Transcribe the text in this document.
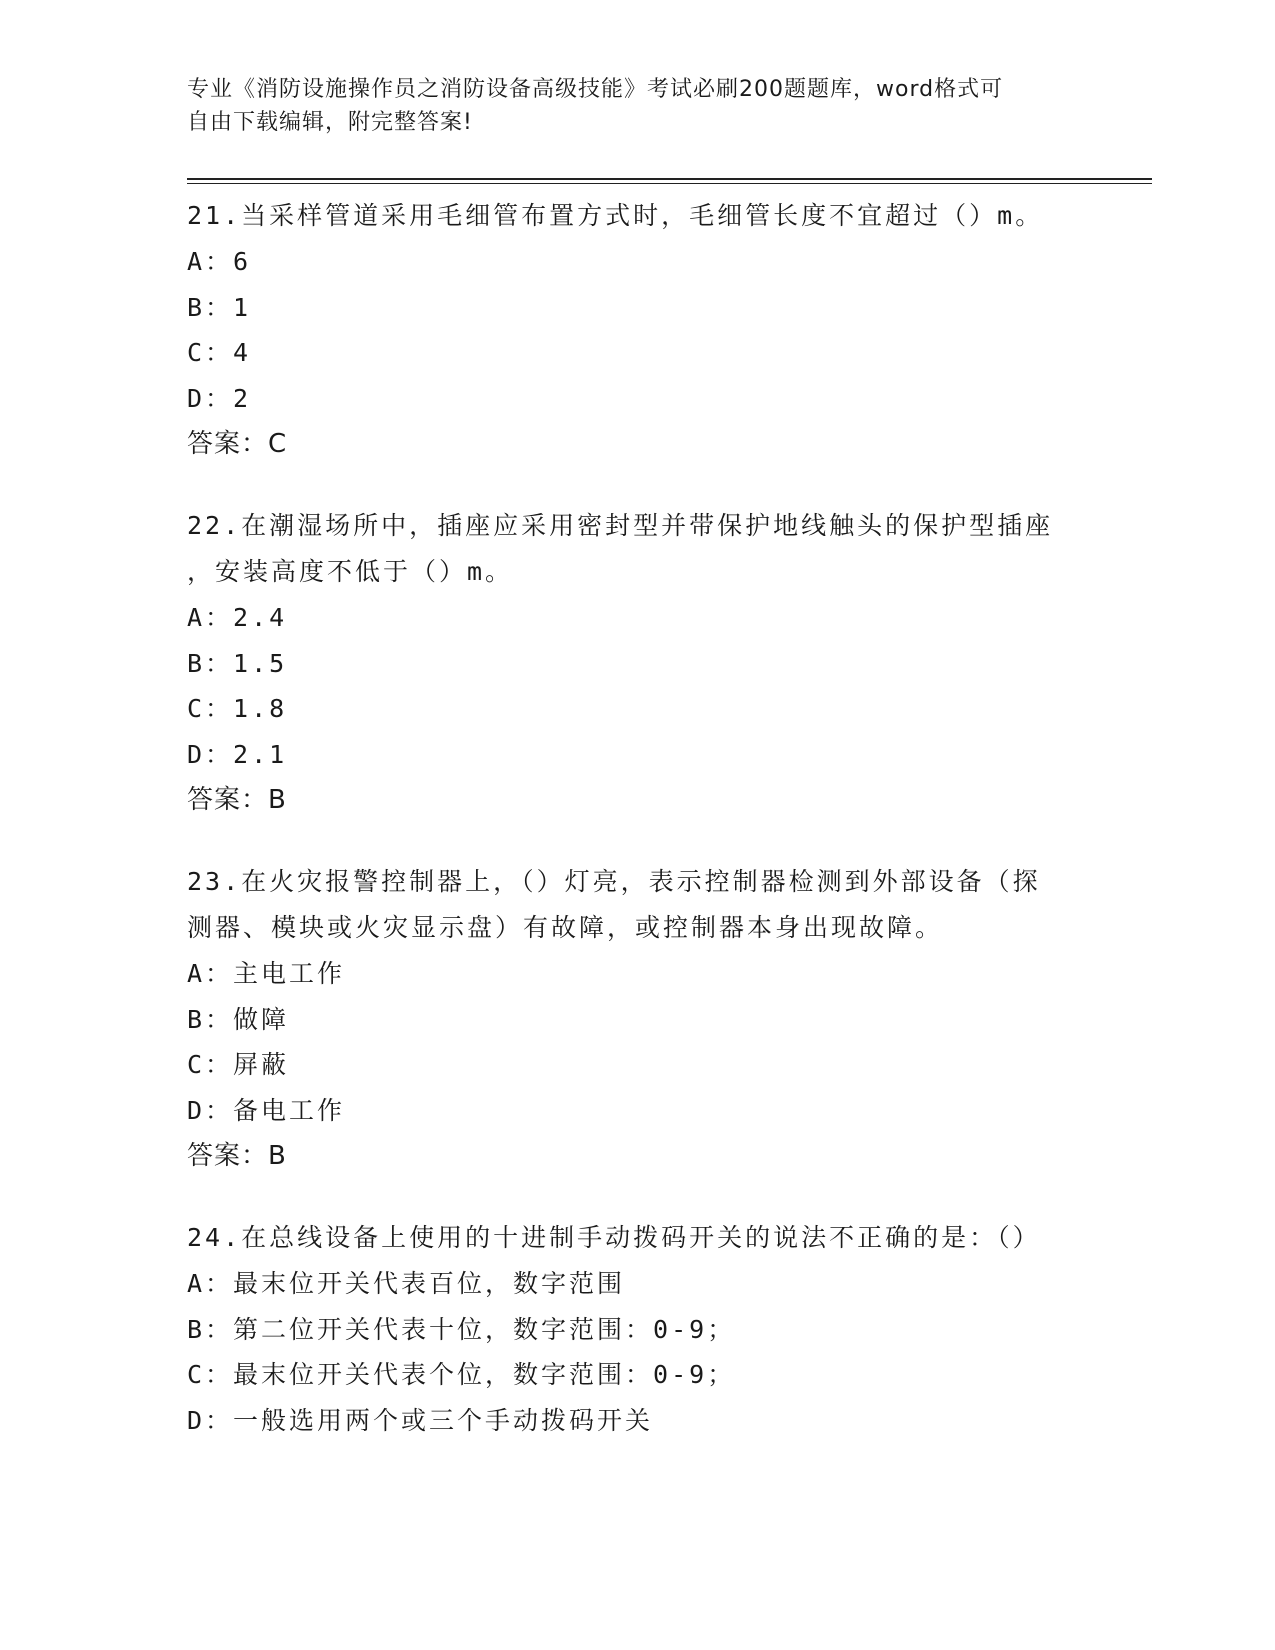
专业《消防设施操作员之消防设备高级技能》考试必刷200题题库，word格式可
自由下载编辑，附完整答案!
21.当采样管道采用毛细管布置方式时，毛细管长度不宜超过（）m。
A：6
B：1
C：4
D：2
答案：C
22.在潮湿场所中，插座应采用密封型并带保护地线触头的保护型插座
，安装高度不低于（）m。
A：2.4
B：1.5
C：1.8
D：2.1
答案：B
23.在火灾报警控制器上，（）灯亮，表示控制器检测到外部设备（探
测器、模块或火灾显示盘）有故障，或控制器本身出现故障。
A：主电工作
B：做障
C：屏蔽
D：备电工作
答案：B
24.在总线设备上使用的十进制手动拨码开关的说法不正确的是：（）
A：最末位开关代表百位，数字范围
B：第二位开关代表十位，数字范围：0-9；
C：最末位开关代表个位，数字范围：0-9；
D：一般选用两个或三个手动拨码开关
